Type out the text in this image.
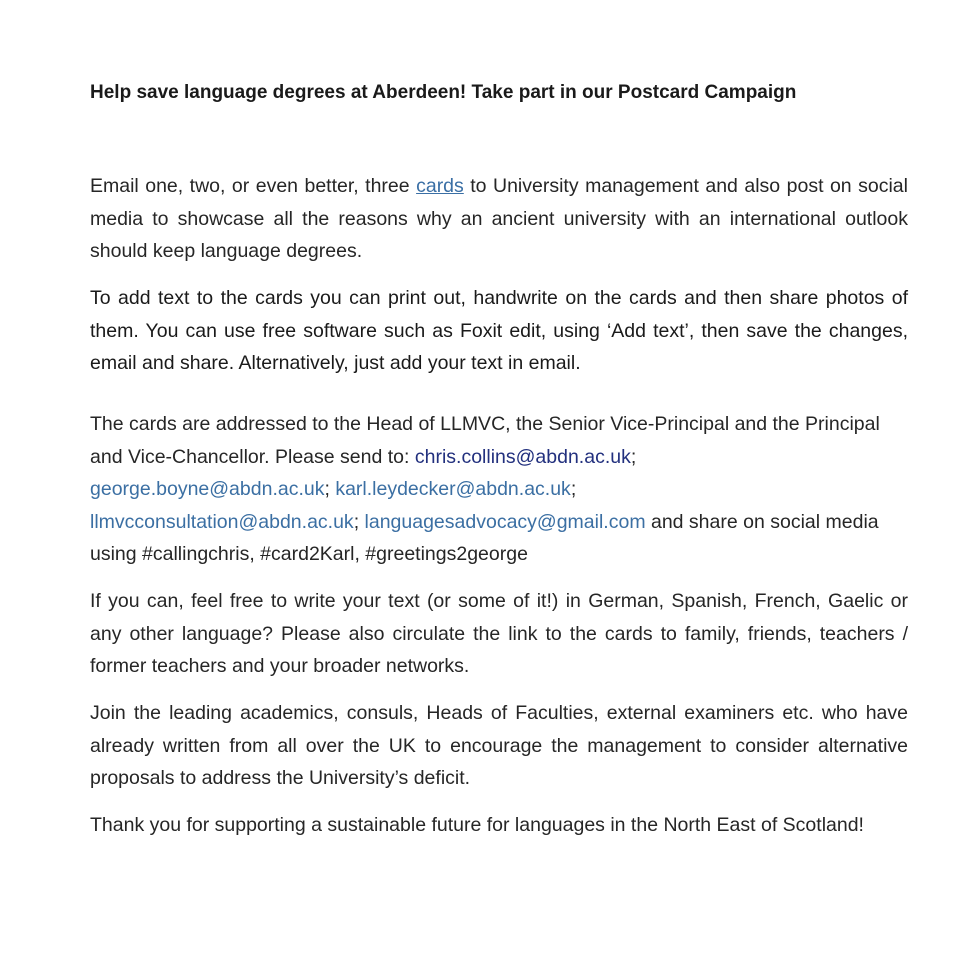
Help save language degrees at Aberdeen! Take part in our Postcard Campaign

Email one, two, or even better, three cards to University management and also post on social media to showcase all the reasons why an ancient university with an international outlook should keep language degrees.

To add text to the cards you can print out, handwrite on the cards and then share photos of them. You can use free software such as Foxit edit, using ‘Add text’, then save the changes, email and share. Alternatively, just add your text in email.

The cards are addressed to the Head of LLMVC, the Senior Vice-Principal and the Principal and Vice-Chancellor. Please send to: chris.collins@abdn.ac.uk;
george.boyne@abdn.ac.uk; karl.leydecker@abdn.ac.uk;
llmvcconsultation@abdn.ac.uk; languagesadvocacy@gmail.com and share on social media using #callingchris, #card2Karl, #greetings2george

If you can, feel free to write your text (or some of it!) in German, Spanish, French, Gaelic or any other language? Please also circulate the link to the cards to family, friends, teachers / former teachers and your broader networks.

Join the leading academics, consuls, Heads of Faculties, external examiners etc. who have already written from all over the UK to encourage the management to consider alternative proposals to address the University’s deficit.

Thank you for supporting a sustainable future for languages in the North East of Scotland!
